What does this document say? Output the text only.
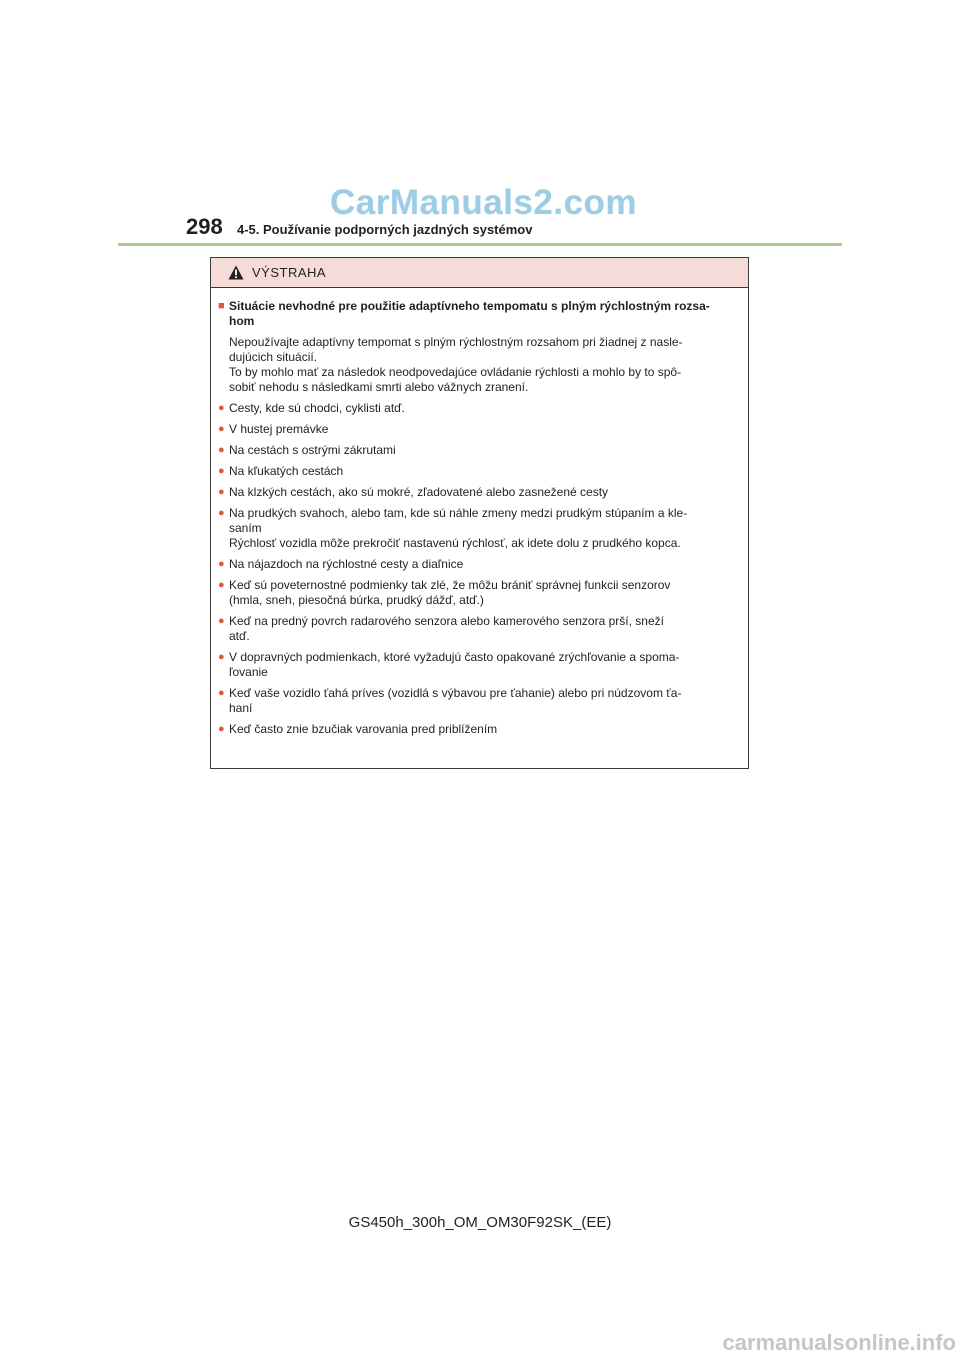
CarManuals2.com
298 4-5. Používanie podporných jazdných systémov
VÝSTRAHA
■ Situácie nevhodné pre použitie adaptívneho tempomatu s plným rýchlostným rozsa-
hom
Nepoužívajte adaptívny tempomat s plným rýchlostným rozsahom pri žiadnej z nasle-
dujúcich situácií.
To by mohlo mať za následok neodpovedajúce ovládanie rýchlosti a mohlo by to spô-
sobiť nehodu s následkami smrti alebo vážnych zranení.
● Cesty, kde sú chodci, cyklisti atď.
● V hustej premávke
● Na cestách s ostrými zákrutami
● Na kľukatých cestách
● Na klzkých cestách, ako sú mokré, zľadovatené alebo zasnežené cesty
● Na prudkých svahoch, alebo tam, kde sú náhle zmeny medzi prudkým stúpaním a kle-
saním
Rýchlosť vozidla môže prekročiť nastavenú rýchlosť, ak idete dolu z prudkého kopca.
● Na nájazdoch na rýchlostné cesty a diaľnice
● Keď sú poveternostné podmienky tak zlé, že môžu brániť správnej funkcii senzorov
(hmla, sneh, piesočná búrka, prudký dážď, atď.)
● Keď na predný povrch radarového senzora alebo kamerového senzora prší, sneží
atď.
● V dopravných podmienkach, ktoré vyžadujú často opakované zrýchľovanie a spoma-
ľovanie
● Keď vaše vozidlo ťahá príves (vozidlá s výbavou pre ťahanie) alebo pri núdzovom ťa-
haní
● Keď často znie bzučiak varovania pred priblížením
GS450h_300h_OM_OM30F92SK_(EE)
carmanualsonline.info
